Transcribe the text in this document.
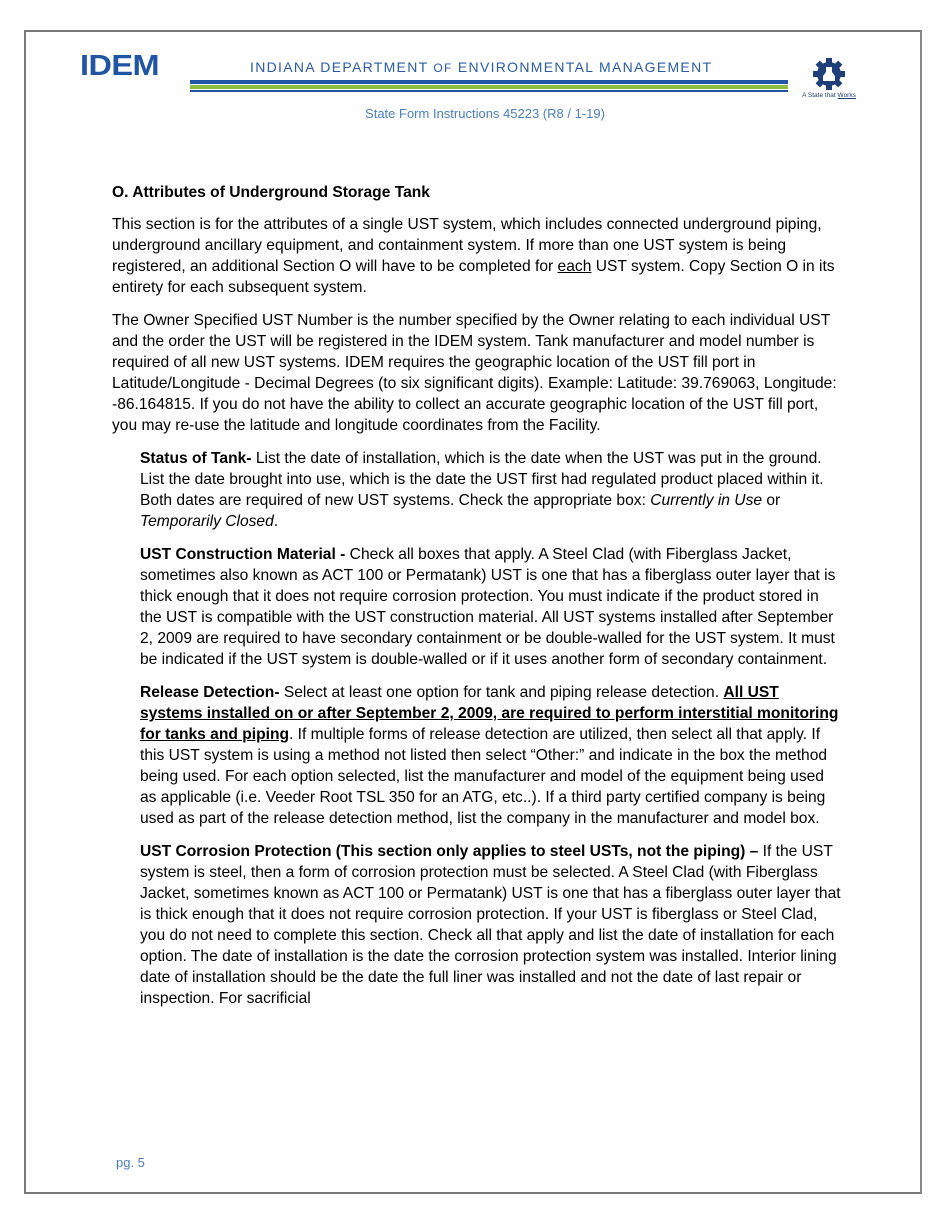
IDEM	INDIANA DEPARTMENT OF ENVIRONMENTAL MANAGEMENT
A State that Works
State Form Instructions 45223 (R8 / 1-19)
O. Attributes of Underground Storage Tank

This section is for the attributes of a single UST system, which includes connected underground piping, underground ancillary equipment, and containment system. If more than one UST system is being registered, an additional Section O will have to be completed for each UST system. Copy Section O in its entirety for each subsequent system.

The Owner Specified UST Number is the number specified by the Owner relating to each individual UST and the order the UST will be registered in the IDEM system. Tank manufacturer and model number is required of all new UST systems. IDEM requires the geographic location of the UST fill port in Latitude/Longitude - Decimal Degrees (to six significant digits). Example: Latitude: 39.769063, Longitude: -86.164815. If you do not have the ability to collect an accurate geographic location of the UST fill port, you may re-use the latitude and longitude coordinates from the Facility.

Status of Tank- List the date of installation, which is the date when the UST was put in the ground. List the date brought into use, which is the date the UST first had regulated product placed within it. Both dates are required of new UST systems. Check the appropriate box: Currently in Use or Temporarily Closed.

UST Construction Material - Check all boxes that apply. A Steel Clad (with Fiberglass Jacket, sometimes also known as ACT 100 or Permatank) UST is one that has a fiberglass outer layer that is thick enough that it does not require corrosion protection. You must indicate if the product stored in the UST is compatible with the UST construction material. All UST systems installed after September 2, 2009 are required to have secondary containment or be double-walled for the UST system. It must be indicated if the UST system is double-walled or if it uses another form of secondary containment.

Release Detection- Select at least one option for tank and piping release detection. All UST systems installed on or after September 2, 2009, are required to perform interstitial monitoring for tanks and piping. If multiple forms of release detection are utilized, then select all that apply. If this UST system is using a method not listed then select “Other:” and indicate in the box the method being used. For each option selected, list the manufacturer and model of the equipment being used as applicable (i.e. Veeder Root TSL 350 for an ATG, etc..). If a third party certified company is being used as part of the release detection method, list the company in the manufacturer and model box.

UST Corrosion Protection (This section only applies to steel USTs, not the piping) – If the UST system is steel, then a form of corrosion protection must be selected. A Steel Clad (with Fiberglass Jacket, sometimes known as ACT 100 or Permatank) UST is one that has a fiberglass outer layer that is thick enough that it does not require corrosion protection. If your UST is fiberglass or Steel Clad, you do not need to complete this section. Check all that apply and list the date of installation for each option. The date of installation is the date the corrosion protection system was installed. Interior lining date of installation should be the date the full liner was installed and not the date of last repair or inspection. For sacrificial

pg. 5
